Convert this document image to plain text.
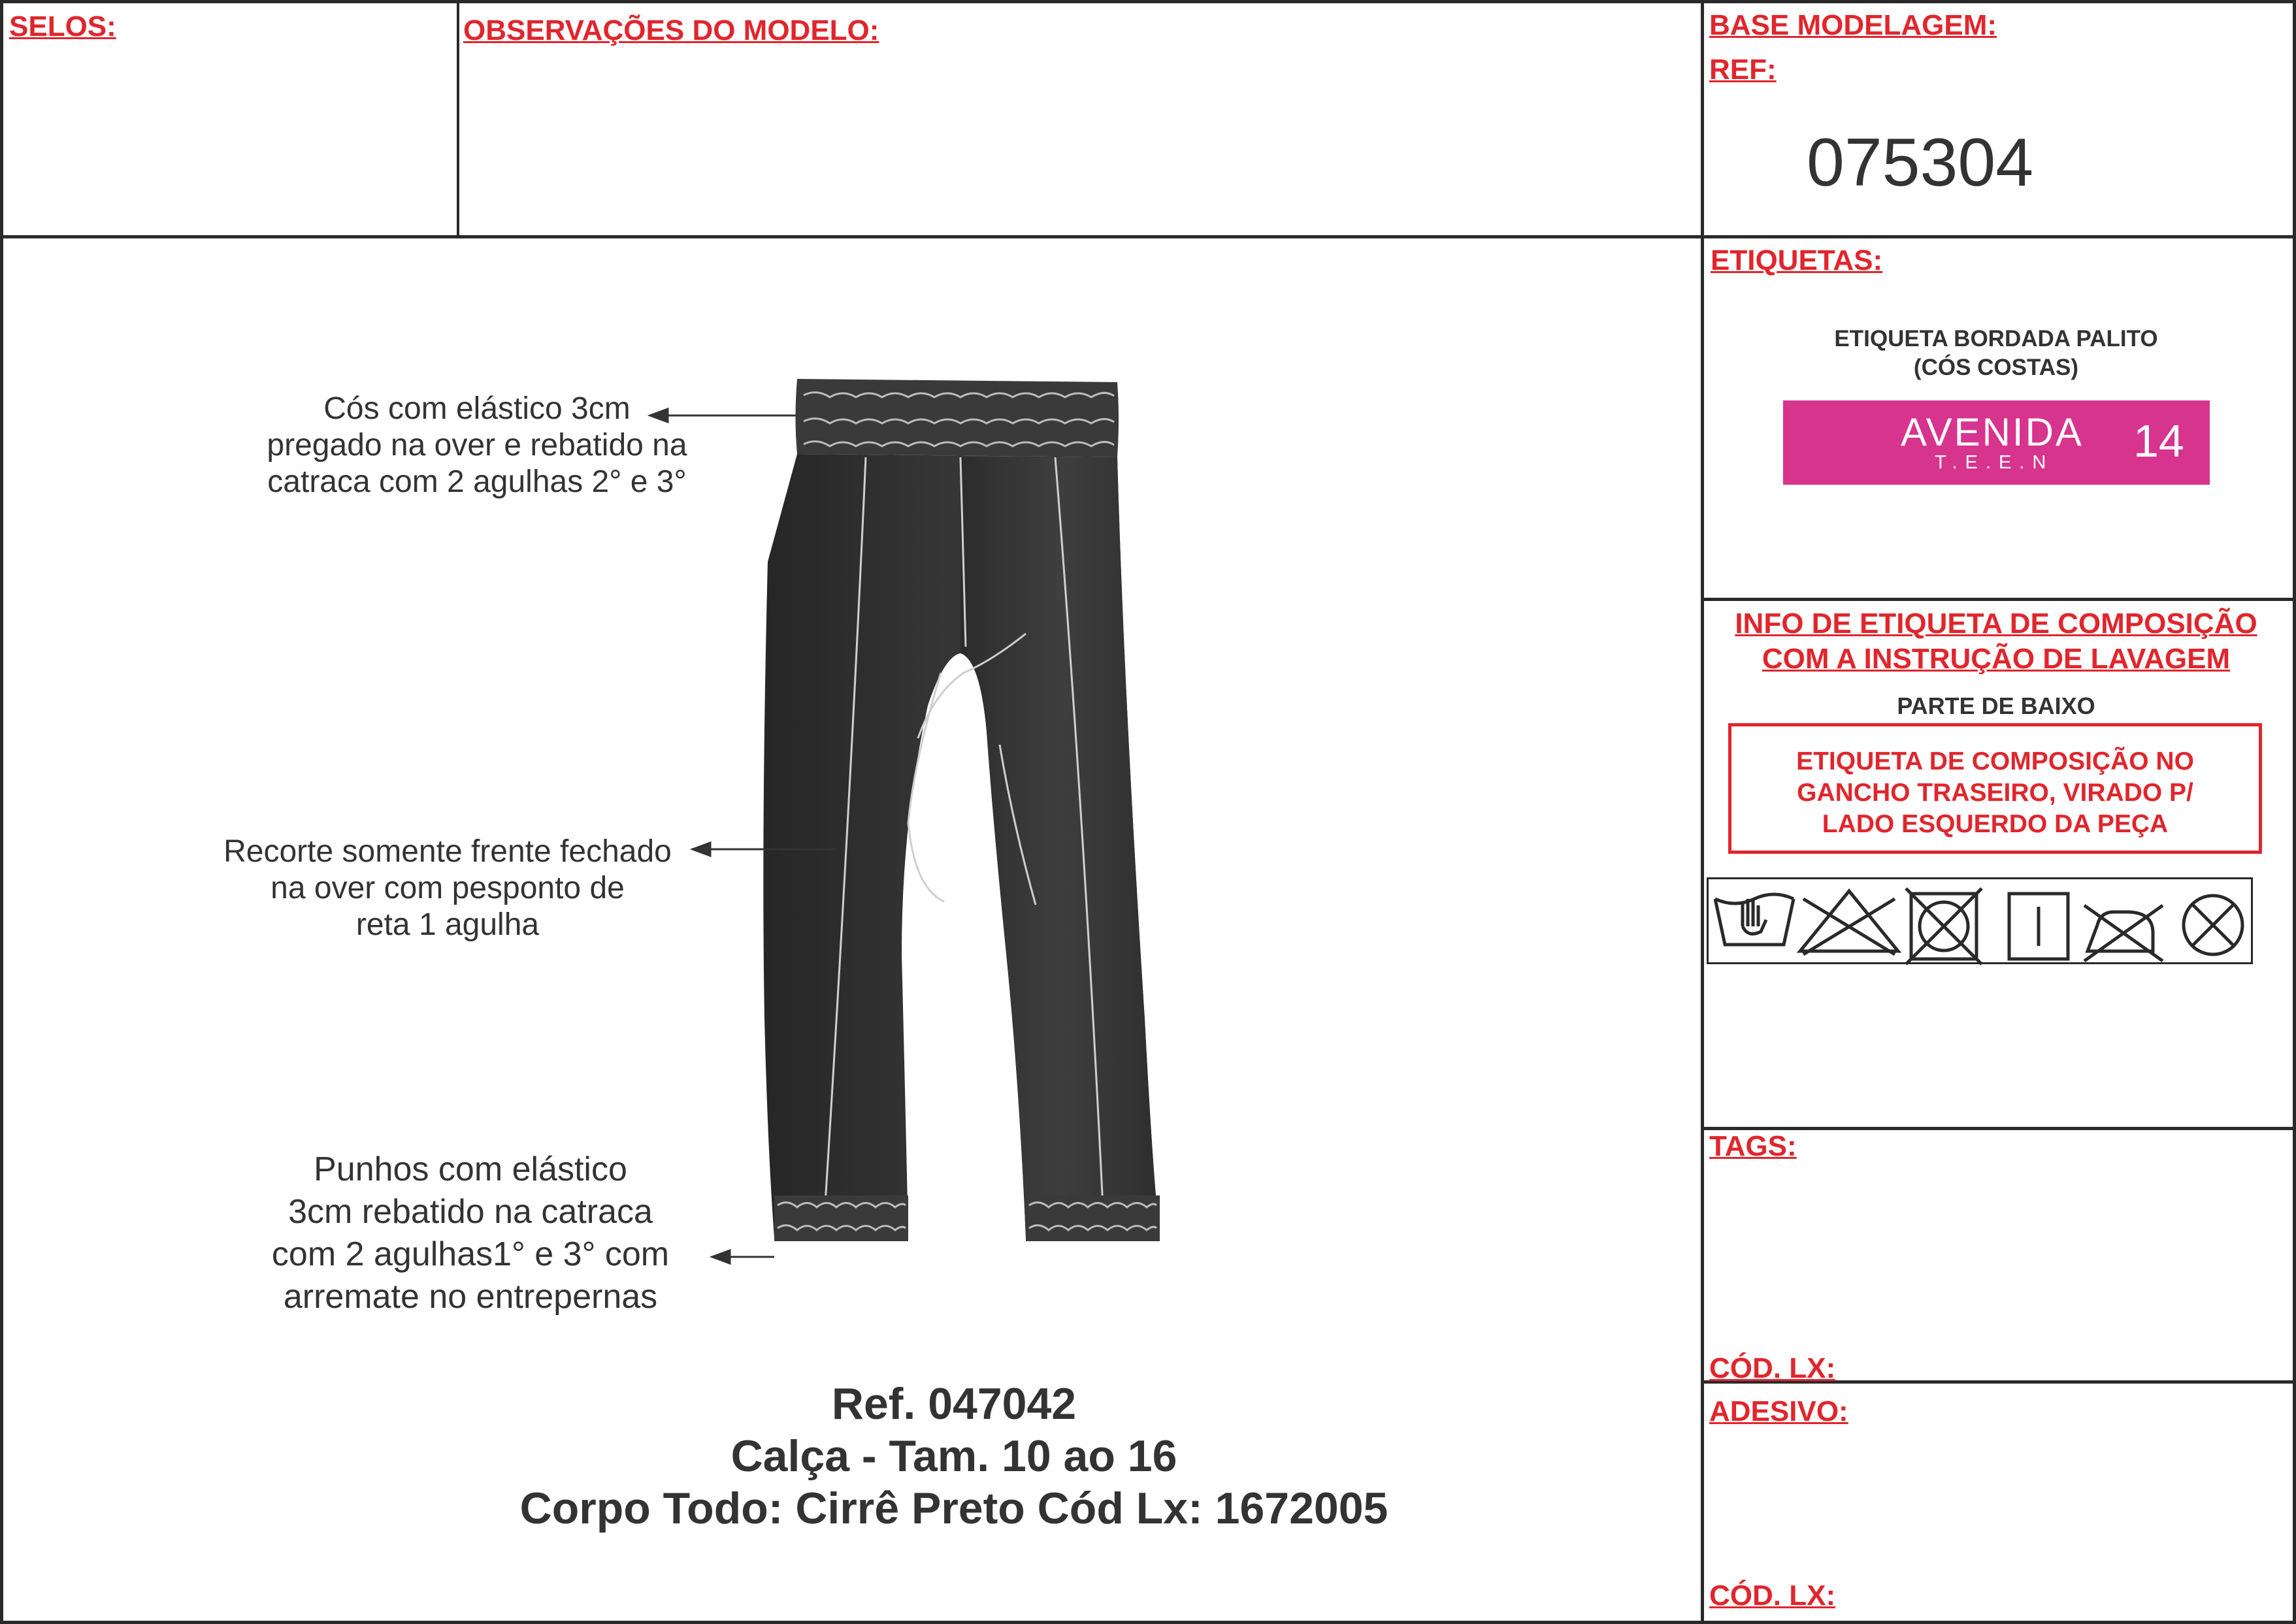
SELOS:	OBSERVAÇÕES DO MODELO:	BASE MODELAGEM:
REF:
075304
ETIQUETAS:
ETIQUETA BORDADA PALITO
(CÓS COSTAS)
AVENIDA
T.E.E.N 14
INFO DE ETIQUETA DE COMPOSIÇÃO
COM A INSTRUÇÃO DE LAVAGEM
PARTE DE BAIXO
ETIQUETA DE COMPOSIÇÃO NO
GANCHO TRASEIRO, VIRADO P/
LADO ESQUERDO DA PEÇA
TAGS:
CÓD. LX:
ADESIVO:
CÓD. LX:
Cós com elástico 3cm
pregado na over e rebatido na
catraca com 2 agulhas 2° e 3°
Recorte somente frente fechado
na over com pesponto de
reta 1 agulha
Punhos com elástico
3cm rebatido na catraca
com 2 agulhas1° e 3° com
arremate no entrepernas
Ref. 047042
Calça - Tam. 10 ao 16
Corpo Todo: Cirrê Preto Cód Lx: 1672005
